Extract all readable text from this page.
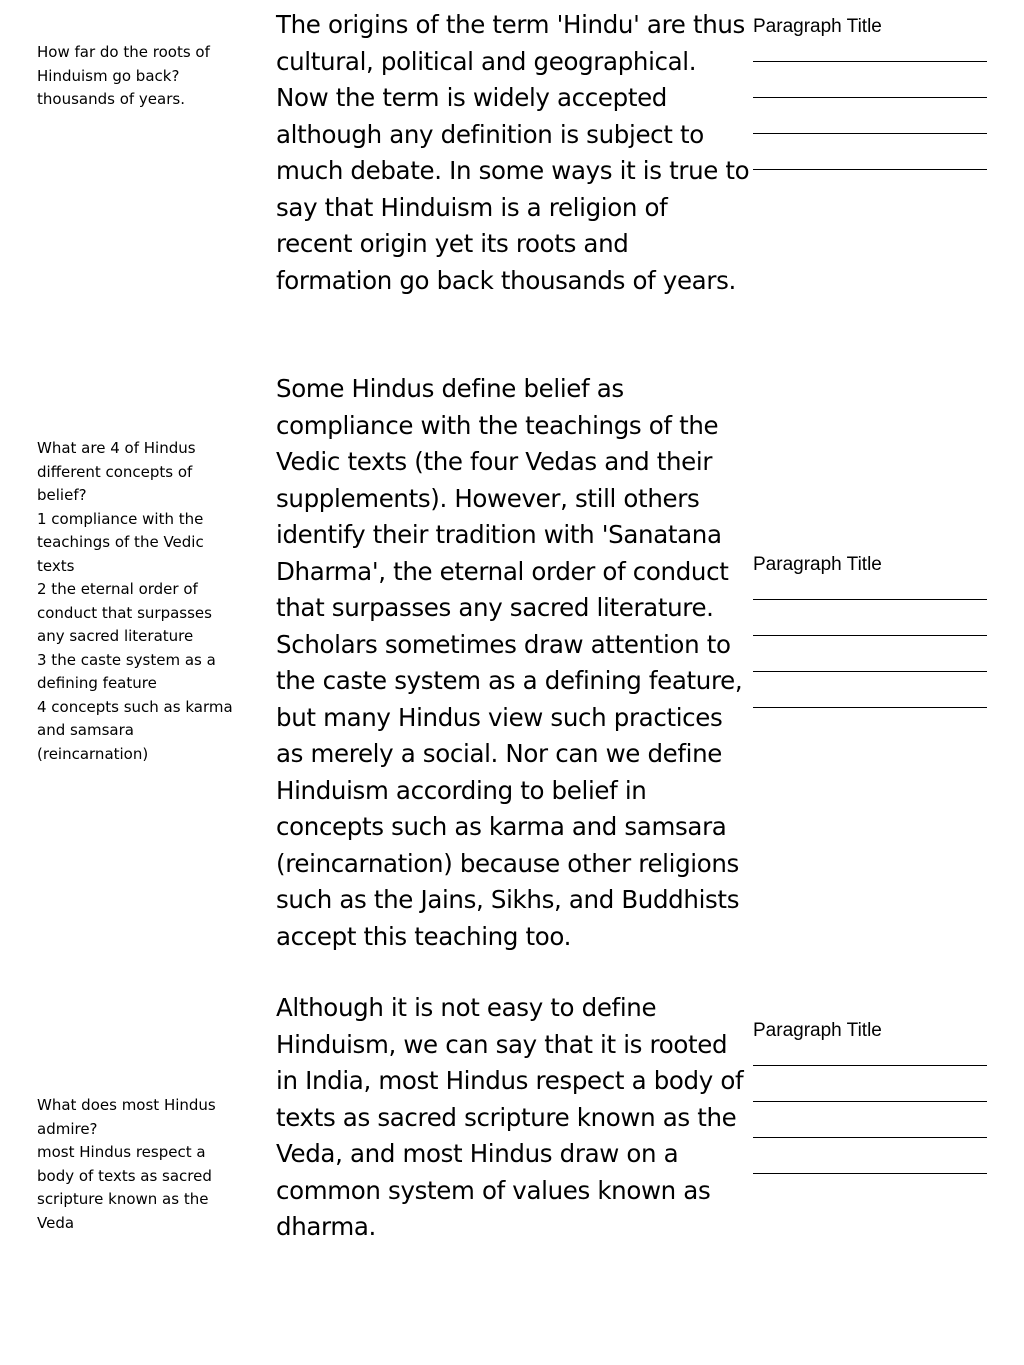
How far do the roots of Hinduism go back?
thousands of years.
What are 4 of Hindus different concepts of belief?
1 compliance with the teachings of the Vedic texts
2 the eternal order of conduct that surpasses any sacred literature
3 the caste system as a defining feature
4 concepts such as karma and samsara (reincarnation)
What does most Hindus admire?
most Hindus respect a body of texts as sacred scripture known as the Veda

The origins of the term 'Hindu' are thus cultural, political and geographical. Now the term is widely accepted although any definition is subject to much debate. In some ways it is true to say that Hinduism is a religion of recent origin yet its roots and formation go back thousands of years.

Some Hindus define belief as compliance with the teachings of the Vedic texts (the four Vedas and their supplements). However, still others identify their tradition with 'Sanatana Dharma', the eternal order of conduct that surpasses any sacred literature. Scholars sometimes draw attention to the caste system as a defining feature, but many Hindus view such practices as merely a social. Nor can we define Hinduism according to belief in concepts such as karma and samsara (reincarnation) because other religions such as the Jains, Sikhs, and Buddhists accept this teaching too.

Although it is not easy to define Hinduism, we can say that it is rooted in India, most Hindus respect a body of texts as sacred scripture known as the Veda, and most Hindus draw on a common system of values known as dharma.

Paragraph Title
Paragraph Title
Paragraph Title
